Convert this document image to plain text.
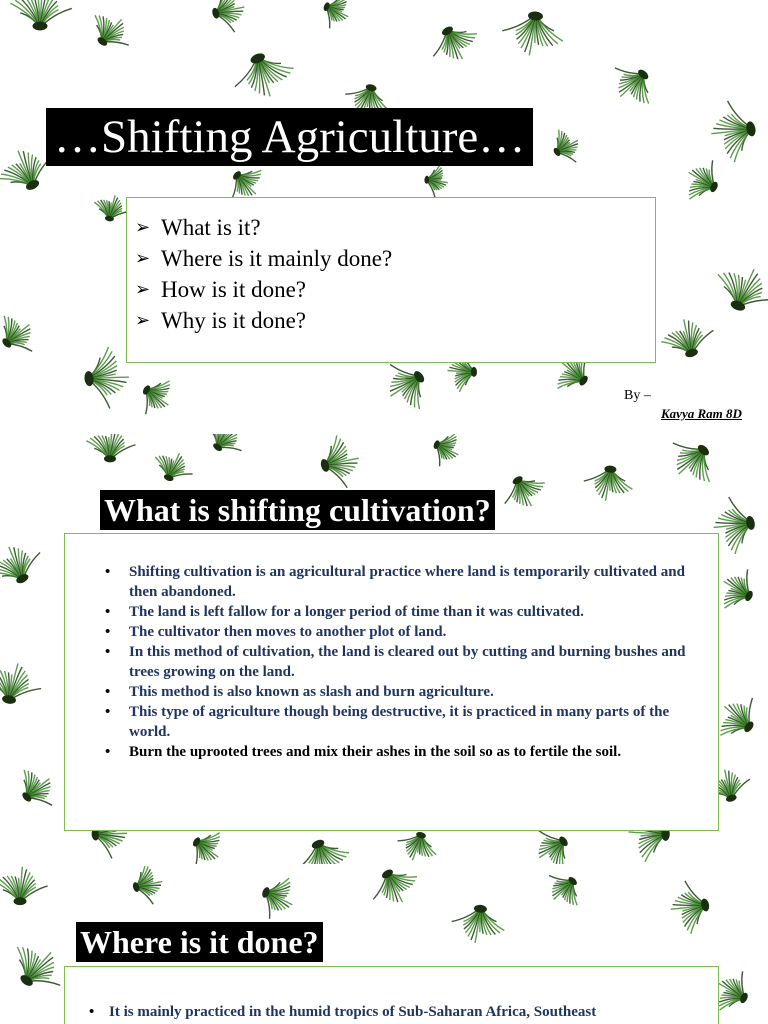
…Shifting Agriculture…
➢ What is it?
➢ Where is it mainly done?
➢ How is it done?
➢ Why is it done?
By –
Kavya Ram 8D
What is shifting cultivation?
• Shifting cultivation is an agricultural practice where land is temporarily cultivated and then abandoned.
• The land is left fallow for a longer period of time than it was cultivated.
• The cultivator then moves to another plot of land.
• In this method of cultivation, the land is cleared out by cutting and burning bushes and trees growing on the land.
• This method is also known as slash and burn agriculture.
• This type of agriculture though being destructive, it is practiced in many parts of the world.
• Burn the uprooted trees and mix their ashes in the soil so as to fertile the soil.
Where is it done?
• It is mainly practiced in the humid tropics of Sub-Saharan Africa, Southeast
